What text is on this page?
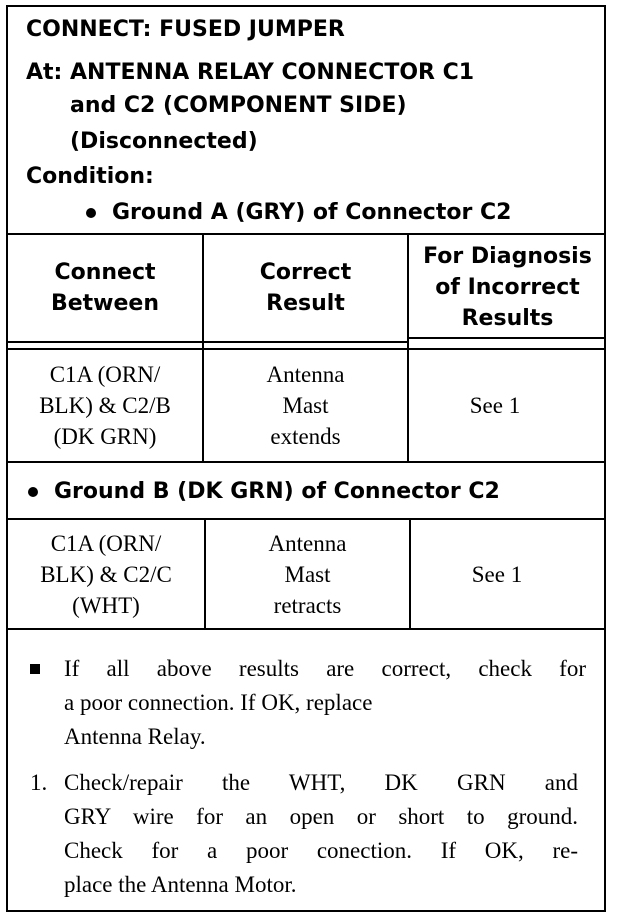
CONNECT: FUSED JUMPER
At: ANTENNA RELAY CONNECTOR C1
and C2 (COMPONENT SIDE)
(Disconnected)
Condition:
Ground A (GRY) of Connector C2
Connect
Between
Correct
Result
For Diagnosis
of Incorrect
Results
C1A (ORN/
BLK) & C2/B
(DK GRN)
Antenna
Mast
extends
See 1
Ground B (DK GRN) of Connector C2
C1A (ORN/
BLK) & C2/C
(WHT)
Antenna
Mast
retracts
See 1
If all above results are correct, check for
a poor connection. If OK, replace
Antenna Relay.
1. Check/repair the WHT, DK GRN and
GRY wire for an open or short to ground.
Check for a poor conection. If OK, re-
place the Antenna Motor.
